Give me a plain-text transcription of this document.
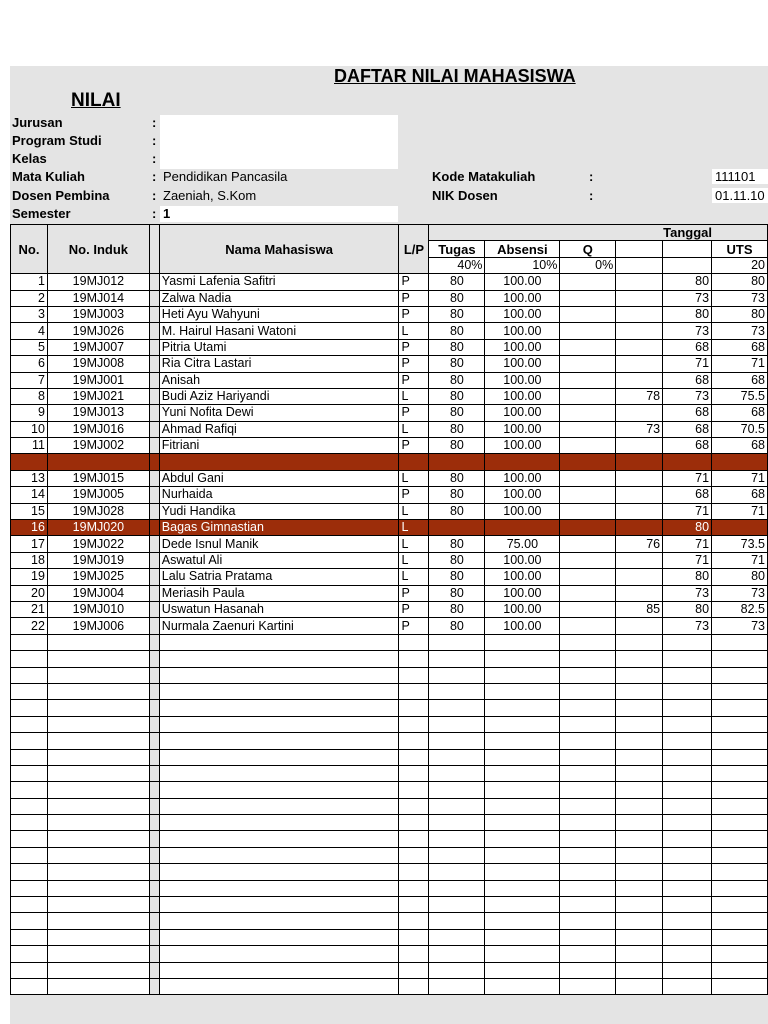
DAFTAR NILAI MAHASISWA
NILAI
Jurusan	:
Program Studi	:
Kelas	:
Mata Kuliah	: Pendidikan Pancasila
Dosen Pembina	: Zaeniah, S.Kom
Semester	: 1
Kode Matakuliah	:	111101
NIK Dosen	:	01.11.10
No.	No. Induk		Nama Mahasiswa	L/P	Tanggal					
					Tugas	Absensi	Q			UTS
					40%	10%	0%			20
1	19MJ012		Yasmi Lafenia Safitri	P	80	100.00			80	80
2	19MJ014		Zalwa Nadia	P	80	100.00			73	73
3	19MJ003		Heti Ayu Wahyuni	P	80	100.00			80	80
4	19MJ026		M. Hairul Hasani Watoni	L	80	100.00			73	73
5	19MJ007		Pitria Utami	P	80	100.00			68	68
6	19MJ008		Ria Citra Lastari	P	80	100.00			71	71
7	19MJ001		Anisah	P	80	100.00			68	68
8	19MJ021		Budi Aziz Hariyandi	L	80	100.00		78	73	75.5
9	19MJ013		Yuni Nofita Dewi	P	80	100.00			68	68
10	19MJ016		Ahmad Rafiqi	L	80	100.00		73	68	70.5
11	19MJ002		Fitriani	P	80	100.00			68	68

13	19MJ015		Abdul Gani	L	80	100.00			71	71
14	19MJ005		Nurhaida	P	80	100.00			68	68
15	19MJ028		Yudi Handika	L	80	100.00			71	71
16	19MJ020		Bagas Gimnastian	L					80	
17	19MJ022		Dede Isnul Manik	L	80	75.00		76	71	73.5
18	19MJ019		Aswatul Ali	L	80	100.00			71	71
19	19MJ025		Lalu Satria Pratama	L	80	100.00			80	80
20	19MJ004		Meriasih Paula	P	80	100.00			73	73
21	19MJ010		Uswatun Hasanah	P	80	100.00		85	80	82.5
22	19MJ006		Nurmala Zaenuri Kartini	P	80	100.00			73	73
